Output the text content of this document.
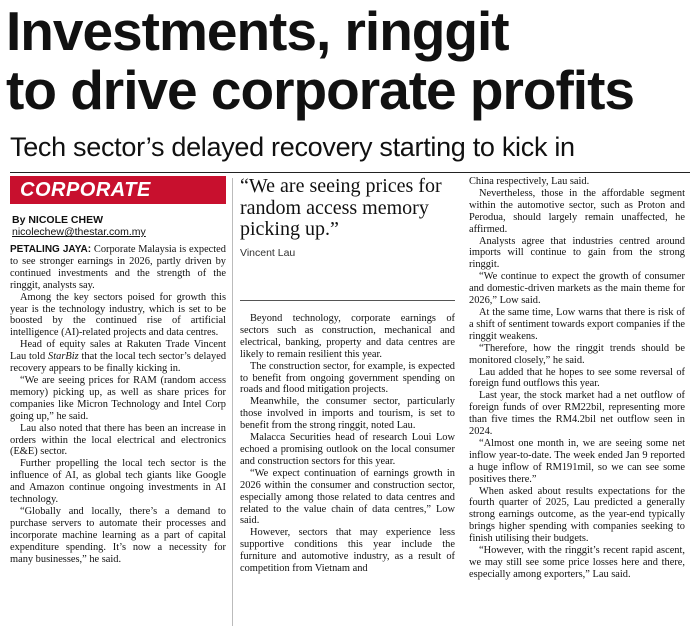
Investments, ringgit
to drive corporate profits
Tech sector’s delayed recovery starting to kick in
CORPORATE
By NICOLE CHEW
nicolechew@thestar.com.my

PETALING JAYA: Corporate Malaysia is expected to see stronger earnings in 2026, partly driven by continued investments and the strength of the ringgit, analysts say.

Among the key sectors poised for growth this year is the technology industry, which is set to be boosted by the continued rise of artificial intelligence (AI)-related projects and data centres.

Head of equity sales at Rakuten Trade Vincent Lau told StarBiz that the local tech sector’s delayed recovery appears to be finally kicking in.

“We are seeing prices for RAM (random access memory) picking up, as well as share prices for companies like Micron Technology and Intel Corp going up,” he said.

Lau also noted that there has been an increase in orders within the local electrical and electronics (E&E) sector.

Further propelling the local tech sector is the influence of AI, as global tech giants like Google and Amazon continue ongoing investments in AI technology.

“Globally and locally, there’s a demand to purchase servers to automate their processes and incorporate machine learning as a part of capital expenditure spending. It’s now a necessity for many businesses,” he said.

“We are seeing prices for random access memory picking up.”
Vincent Lau

Beyond technology, corporate earnings of sectors such as construction, mechanical and electrical, banking, property and data centres are likely to remain resilient this year.

The construction sector, for example, is expected to benefit from ongoing government spending on roads and flood mitigation projects.

Meanwhile, the consumer sector, particularly those involved in imports and tourism, is set to benefit from the strong ringgit, noted Lau.

Malacca Securities head of research Loui Low echoed a promising outlook on the local consumer and construction sectors for this year.

“We expect continuation of earnings growth in 2026 within the consumer and construction sector, especially among those related to data centres and related to the value chain of data centres,” Low said.

However, sectors that may experience less supportive conditions this year include the furniture and automotive industry, as a result of competition from Vietnam and

China respectively, Lau said.

Nevertheless, those in the affordable segment within the automotive sector, such as Proton and Perodua, should largely remain unaffected, he affirmed.

Analysts agree that industries centred around imports will continue to gain from the strong ringgit.

“We continue to expect the growth of consumer and domestic-driven markets as the main theme for 2026,” Low said.

At the same time, Low warns that there is risk of a shift of sentiment towards export companies if the ringgit weakens.

“Therefore, how the ringgit trends should be monitored closely,” he said.

Lau added that he hopes to see some reversal of foreign fund outflows this year.

Last year, the stock market had a net outflow of foreign funds of over RM22bil, representing more than five times the RM4.2bil net outflow seen in 2024.

“Almost one month in, we are seeing some net inflow year-to-date. The week ended Jan 9 reported a huge inflow of RM191mil, so we can see some positives there.”

When asked about results expectations for the fourth quarter of 2025, Lau predicted a generally strong earnings outcome, as the year-end typically brings higher spending with companies seeking to finish utilising their budgets.

“However, with the ringgit’s recent rapid ascent, we may still see some price losses here and there, especially among exporters,” Lau said.
